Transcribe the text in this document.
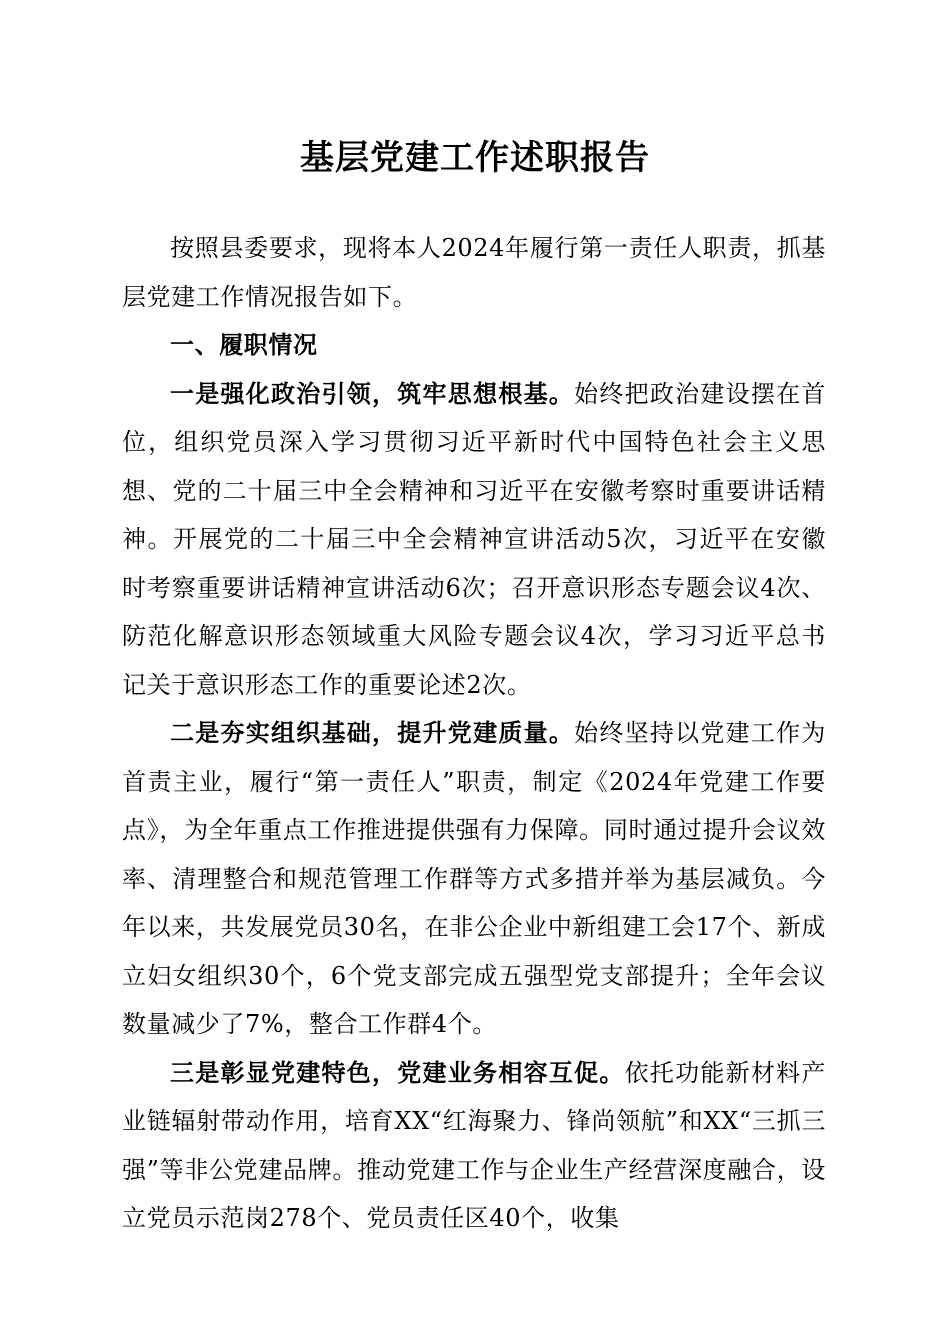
基层党建工作述职报告

按照县委要求，现将本人2024年履行第一责任人职责，抓基层党建工作情况报告如下。

一、履职情况

一是强化政治引领，筑牢思想根基。始终把政治建设摆在首位，组织党员深入学习贯彻习近平新时代中国特色社会主义思想、党的二十届三中全会精神和习近平在安徽考察时重要讲话精神。开展党的二十届三中全会精神宣讲活动5次，习近平在安徽时考察重要讲话精神宣讲活动6次；召开意识形态专题会议4次、防范化解意识形态领域重大风险专题会议4次，学习习近平总书记关于意识形态工作的重要论述2次。

二是夯实组织基础，提升党建质量。始终坚持以党建工作为首责主业，履行“第一责任人”职责，制定《2024年党建工作要点》，为全年重点工作推进提供强有力保障。同时通过提升会议效率、清理整合和规范管理工作群等方式多措并举为基层减负。今年以来，共发展党员30名，在非公企业中新组建工会17个、新成立妇女组织30个，6个党支部完成五强型党支部提升；全年会议数量减少了7%，整合工作群4个。

三是彰显党建特色，党建业务相容互促。依托功能新材料产业链辐射带动作用，培育XX“红海聚力、锋尚领航”和XX“三抓三强”等非公党建品牌。推动党建工作与企业生产经营深度融合，设立党员示范岗278个、党员责任区40个，收集
